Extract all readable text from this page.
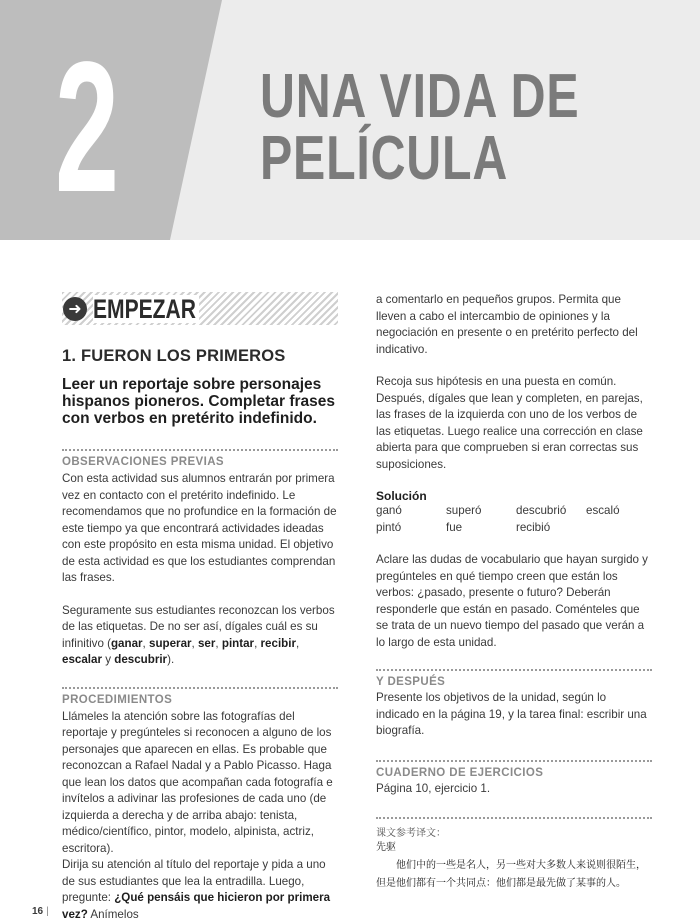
2 UNA VIDA DE
PELÍCULA
➜ EMPEZAR
1. FUERON LOS PRIMEROS
Leer un reportaje sobre personajes hispanos pioneros. Completar frases con verbos en pretérito indefinido.
OBSERVACIONES PREVIAS

Con esta actividad sus alumnos entrarán por primera vez en contacto con el pretérito indefinido. Le recomendamos que no profundice en la formación de este tiempo ya que encontrará actividades ideadas con este propósito en esta misma unidad. El objetivo de esta actividad es que los estudiantes comprendan las frases.

Seguramente sus estudiantes reconozcan los verbos de las etiquetas. De no ser así, dígales cuál es su infinitivo (ganar, superar, ser, pintar, recibir, escalar y descubrir).

PROCEDIMIENTOS

Llámeles la atención sobre las fotografías del reportaje y pregúnteles si reconocen a alguno de los personajes que aparecen en ellas. Es probable que reconozcan a Rafael Nadal y a Pablo Picasso. Haga que lean los datos que acompañan cada fotografía e invítelos a adivinar las profesiones de cada uno (de izquierda a derecha y de arriba abajo: tenista, médico/científico, pintor, modelo, alpinista, actriz, escritora).

Dirija su atención al título del reportaje y pida a uno de sus estudiantes que lea la entradilla. Luego, pregunte: ¿Qué pensáis que hicieron por primera vez? Anímelos

a comentarlo en pequeños grupos. Permita que lleven a cabo el intercambio de opiniones y la negociación en presente o en pretérito perfecto del indicativo.

Recoja sus hipótesis en una puesta en común. Después, dígales que lean y completen, en parejas, las frases de la izquierda con uno de los verbos de las etiquetas. Luego realice una corrección en clase abierta para que comprueben si eran correctas sus suposiciones.

Solución
ganó	superó	descubrió	escaló
pintó	fue	recibió

Aclare las dudas de vocabulario que hayan surgido y pregúnteles en qué tiempo creen que están los verbos: ¿pasado, presente o futuro? Deberán responderle que están en pasado. Coménteles que se trata de un nuevo tiempo del pasado que verán a lo largo de esta unidad.

Y DESPUÉS

Presente los objetivos de la unidad, según lo indicado en la página 19, y la tarea final: escribir una biografía.

CUADERNO DE EJERCICIOS

Página 10, ejercicio 1.

课文参考译文：
先驱

他们中的一些是名人，另一些对大多数人来说则很陌生，但是他们都有一个共同点：他们都是最先做了某事的人。

16 |
